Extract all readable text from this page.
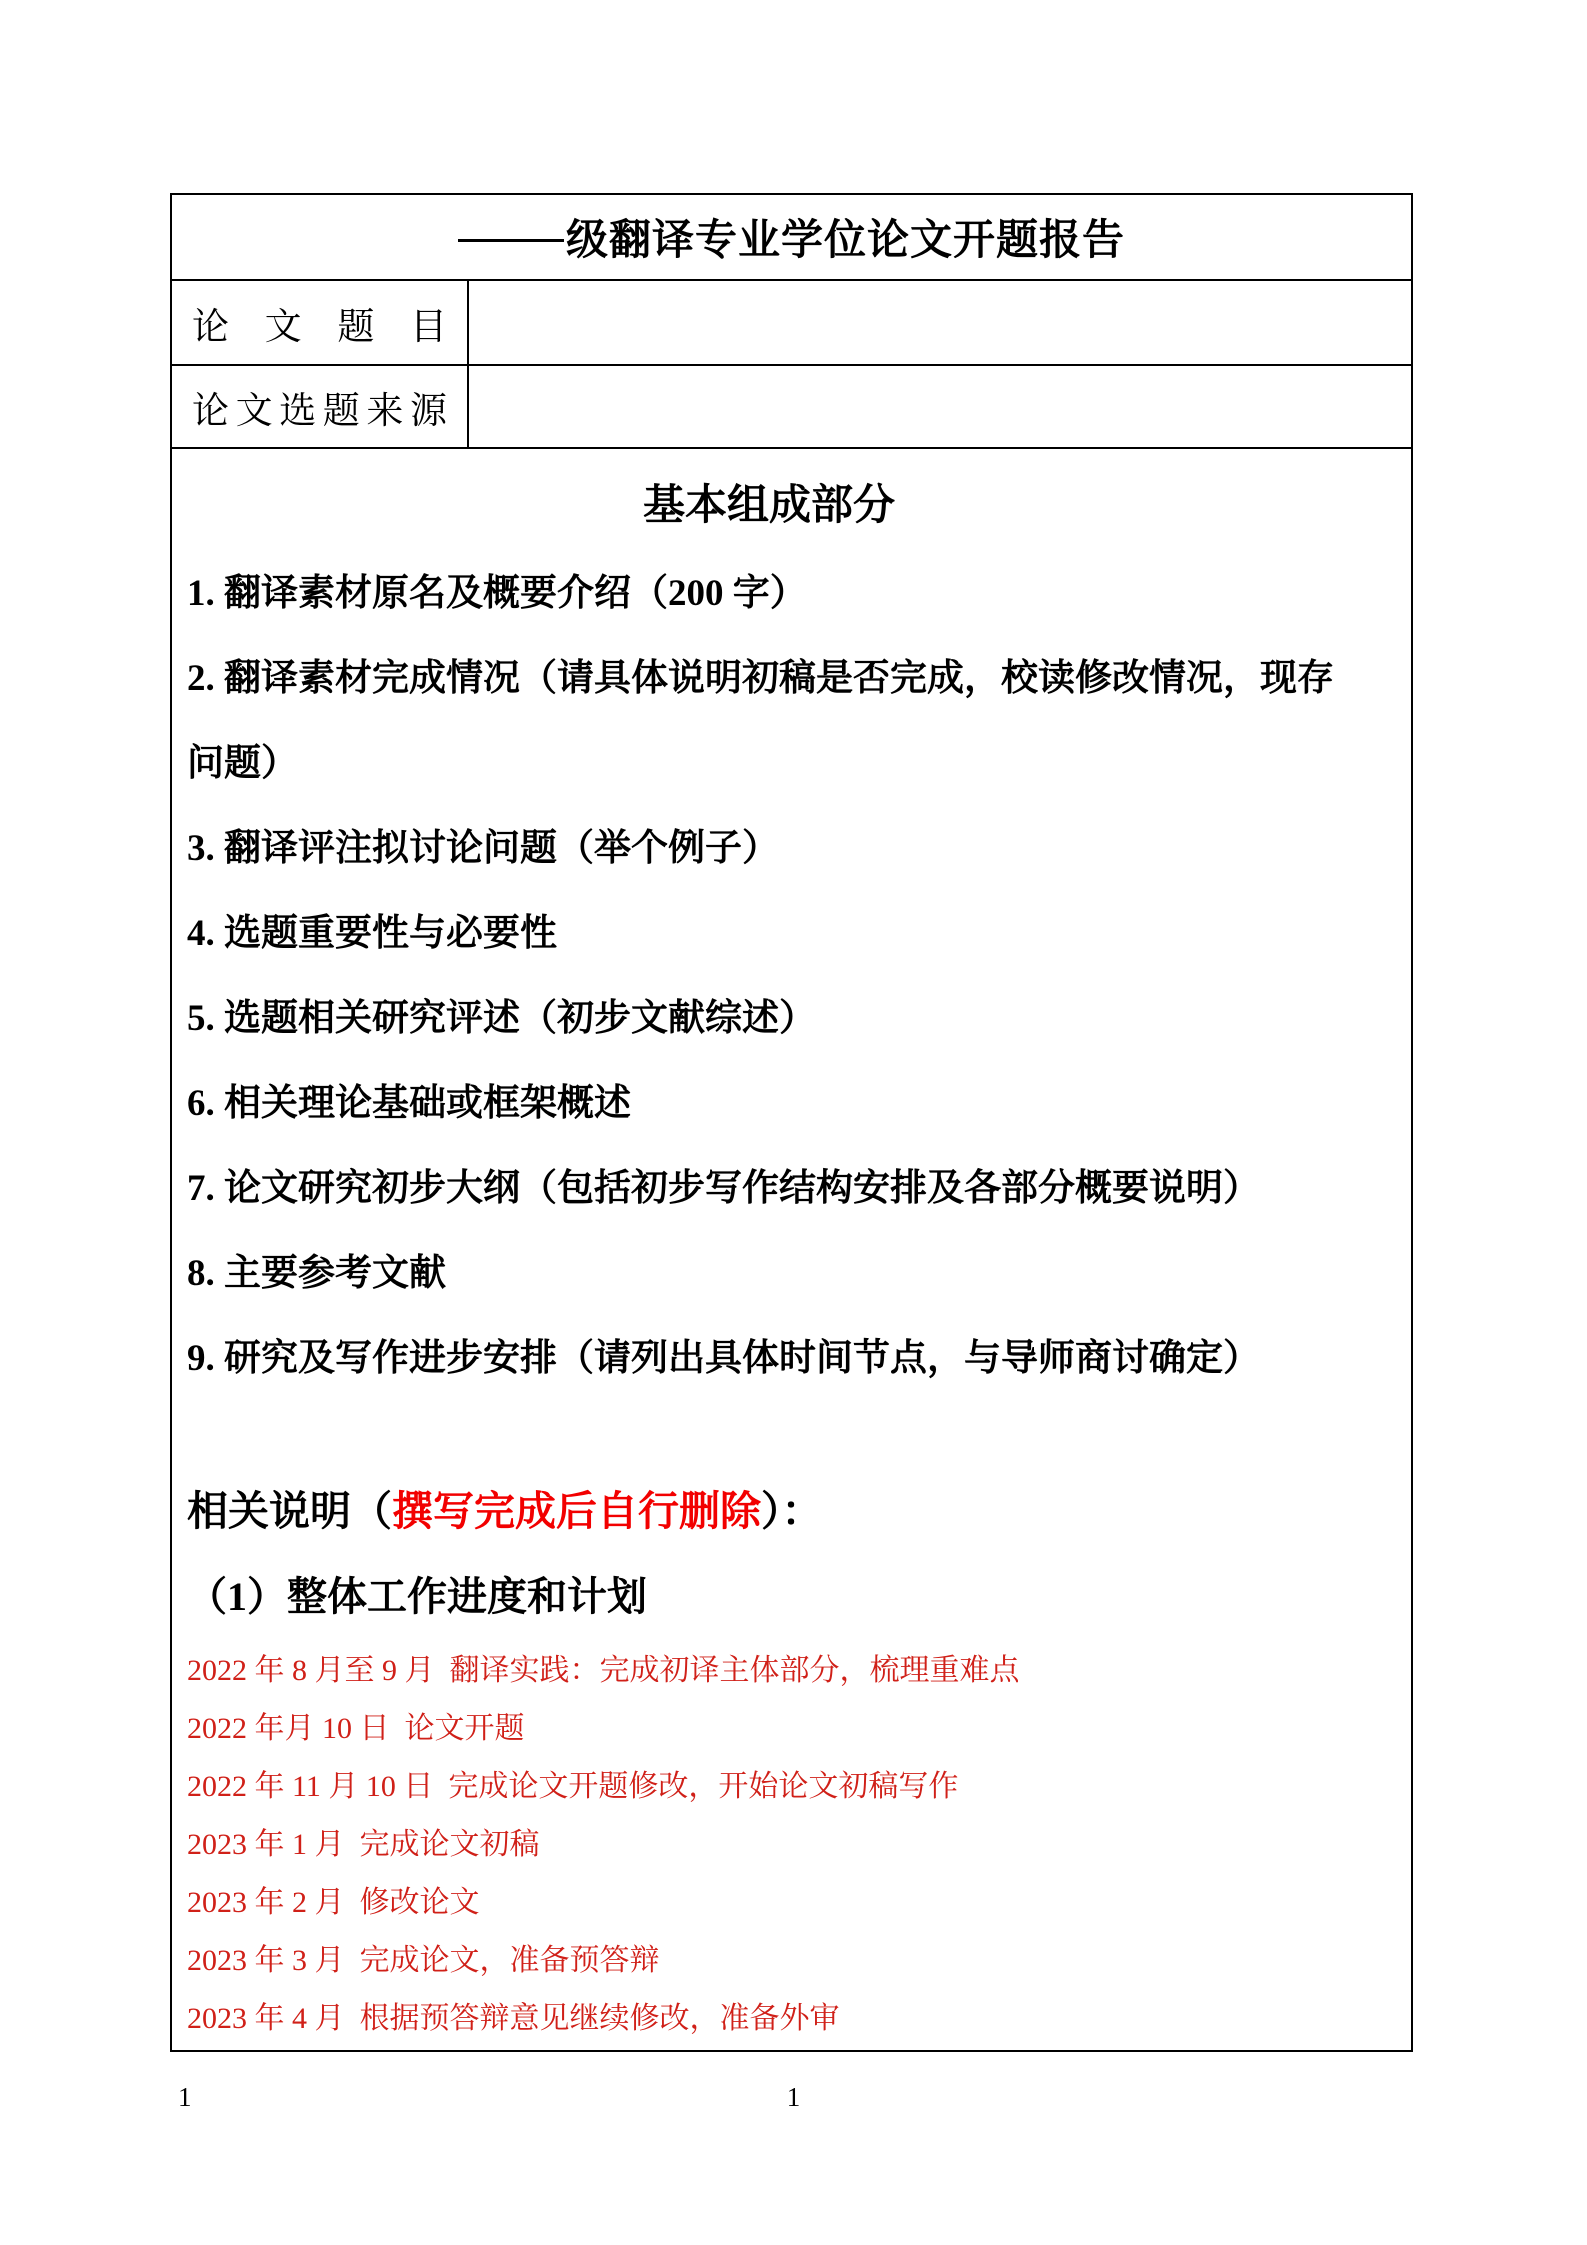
级翻译专业学位论文开题报告
论 文 题 目
论文选题来源
基本组成部分

1. 翻译素材原名及概要介绍（200 字）

2. 翻译素材完成情况（请具体说明初稿是否完成，校读修改情况，现存问题）

3. 翻译评注拟讨论问题（举个例子）

4. 选题重要性与必要性

5. 选题相关研究评述（初步文献综述）

6. 相关理论基础或框架概述

7. 论文研究初步大纲（包括初步写作结构安排及各部分概要说明）

8. 主要参考文献

9. 研究及写作进步安排（请列出具体时间节点，与导师商讨确定）

相关说明（撰写完成后自行删除）：

（1）整体工作进度和计划

2022 年 8 月至 9 月  翻译实践：完成初译主体部分，梳理重难点

2022 年月 10 日  论文开题

2022 年 11 月 10 日  完成论文开题修改，开始论文初稿写作

2023 年 1 月  完成论文初稿

2023 年 2 月  修改论文

2023 年 3 月  完成论文，准备预答辩

2023 年 4 月  根据预答辩意见继续修改，准备外审

1	1
